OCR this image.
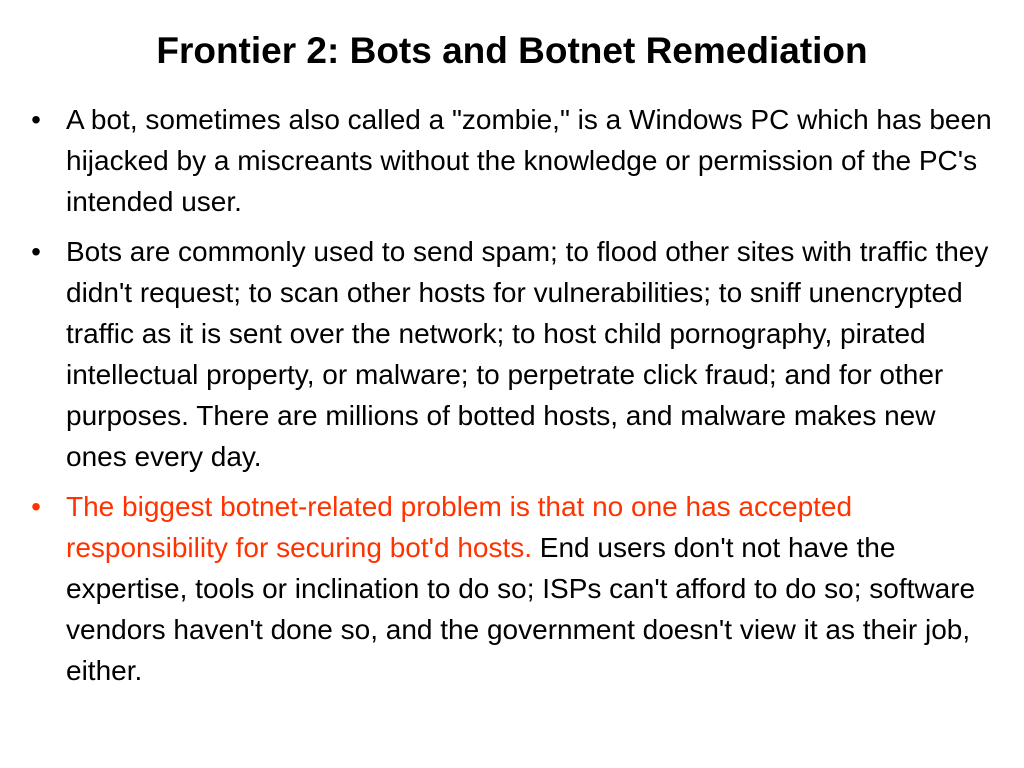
Frontier 2: Bots and Botnet Remediation
• A bot, sometimes also called a "zombie," is a Windows PC which has been hijacked by a miscreants without the knowledge or permission of the PC's intended user.
• Bots are commonly used to send spam; to flood other sites with traffic they didn't request; to scan other hosts for vulnerabilities; to sniff unencrypted traffic as it is sent over the network; to host child pornography, pirated intellectual property, or malware; to perpetrate click fraud; and for other purposes. There are millions of botted hosts, and malware makes new ones every day.
• The biggest botnet-related problem is that no one has accepted responsibility for securing bot'd hosts. End users don't not have the expertise, tools or inclination to do so; ISPs can't afford to do so; software vendors haven't done so, and the government doesn't view it as their job, either.
